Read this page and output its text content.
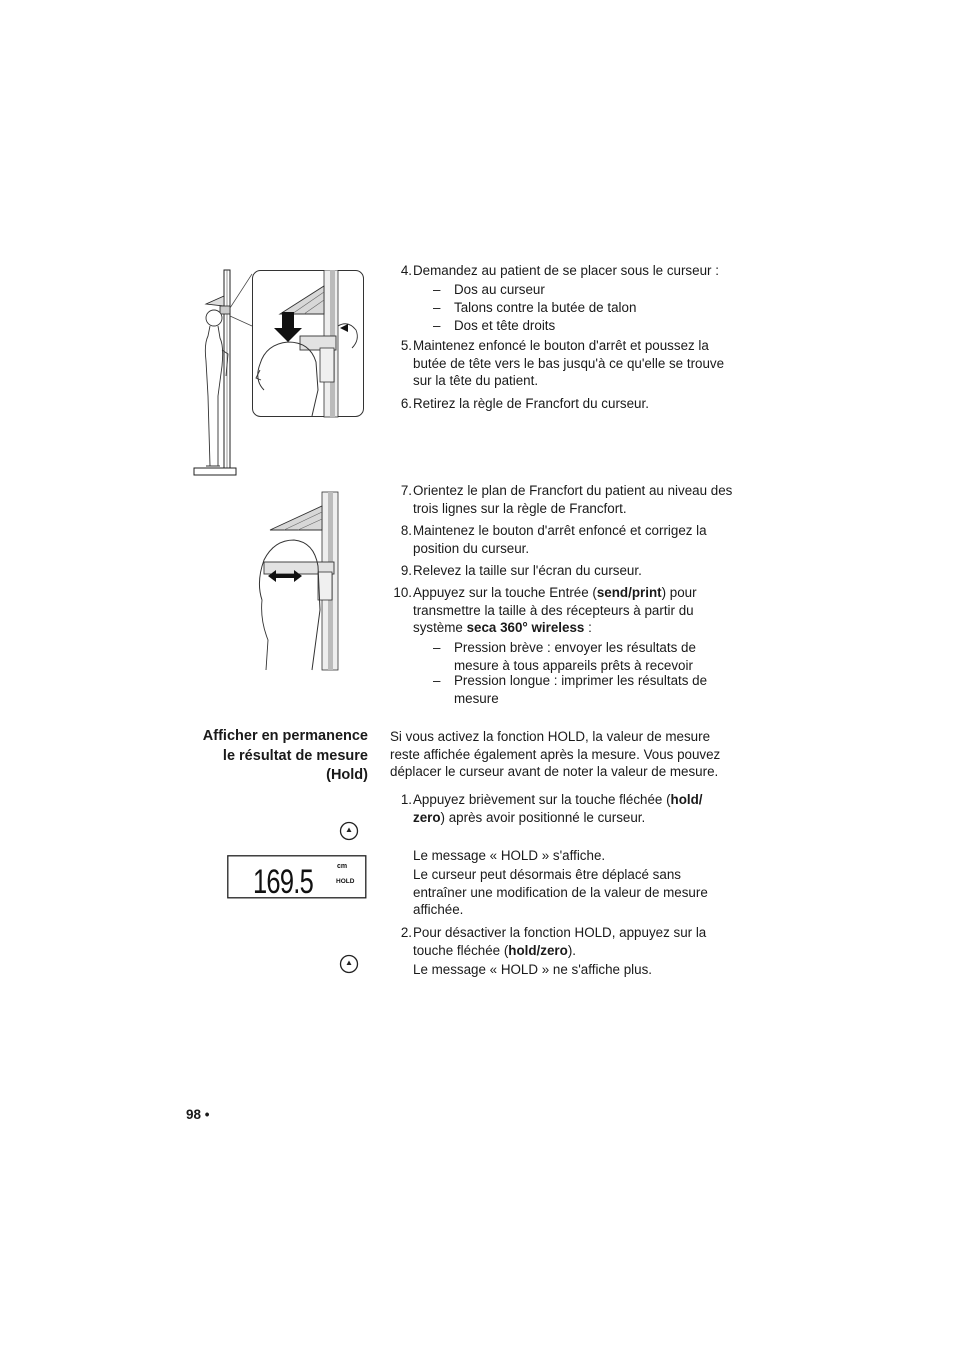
4. Demandez au patient de se placer sous le curseur :
– Dos au curseur
– Talons contre la butée de talon
– Dos et tête droits
5. Maintenez enfoncé le bouton d'arrêt et poussez la butée de tête vers le bas jusqu'à ce qu'elle se trouve sur la tête du patient.
6. Retirez la règle de Francfort du curseur.
7. Orientez le plan de Francfort du patient au niveau des trois lignes sur la règle de Francfort.
8. Maintenez le bouton d'arrêt enfoncé et corrigez la position du curseur.
9. Relevez la taille sur l'écran du curseur.
10. Appuyez sur la touche Entrée (send/print) pour transmettre la taille à des récepteurs à partir du système seca 360° wireless :
– Pression brève : envoyer les résultats de mesure à tous appareils prêts à recevoir
– Pression longue : imprimer les résultats de mesure
Afficher en permanence
le résultat de mesure
(Hold)
Si vous activez la fonction HOLD, la valeur de mesure reste affichée également après la mesure. Vous pouvez déplacer le curseur avant de noter la valeur de mesure.
1. Appuyez brièvement sur la touche fléchée (hold/ zero) après avoir positionné le curseur.
Le message « HOLD » s'affiche.
Le curseur peut désormais être déplacé sans entraîner une modification de la valeur de mesure affichée.
2. Pour désactiver la fonction HOLD, appuyez sur la touche fléchée (hold/zero).
Le message « HOLD » ne s'affiche plus.
169.5	cm
HOLD
98 •
